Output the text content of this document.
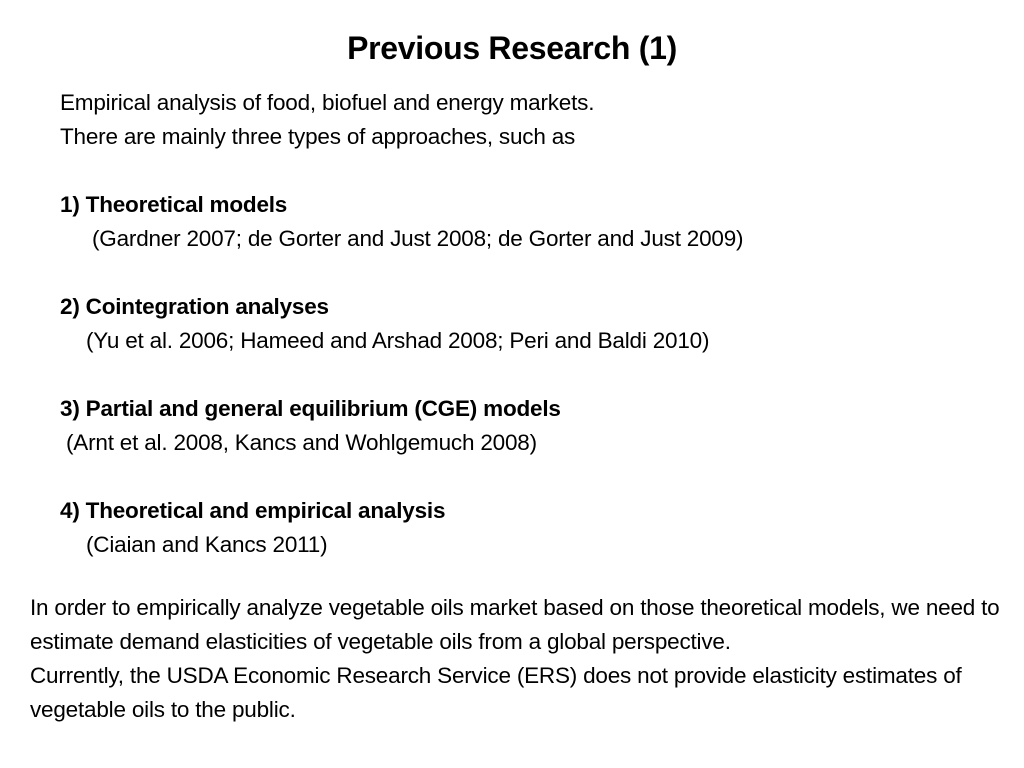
Previous Research (1)
Empirical analysis of food, biofuel and energy markets.
There are mainly three types of approaches, such as
1) Theoretical models
(Gardner 2007; de Gorter and Just 2008; de Gorter and Just 2009)
2) Cointegration analyses
(Yu et al. 2006; Hameed and Arshad 2008; Peri and Baldi 2010)
3) Partial and general equilibrium (CGE) models
(Arnt et al. 2008, Kancs and Wohlgemuch 2008)
4) Theoretical and empirical analysis
(Ciaian and Kancs 2011)

In order to empirically analyze vegetable oils market based on those theoretical models, we need to estimate demand elasticities of vegetable oils from a global perspective.

Currently, the USDA Economic Research Service (ERS) does not provide elasticity estimates of vegetable oils to the public.
